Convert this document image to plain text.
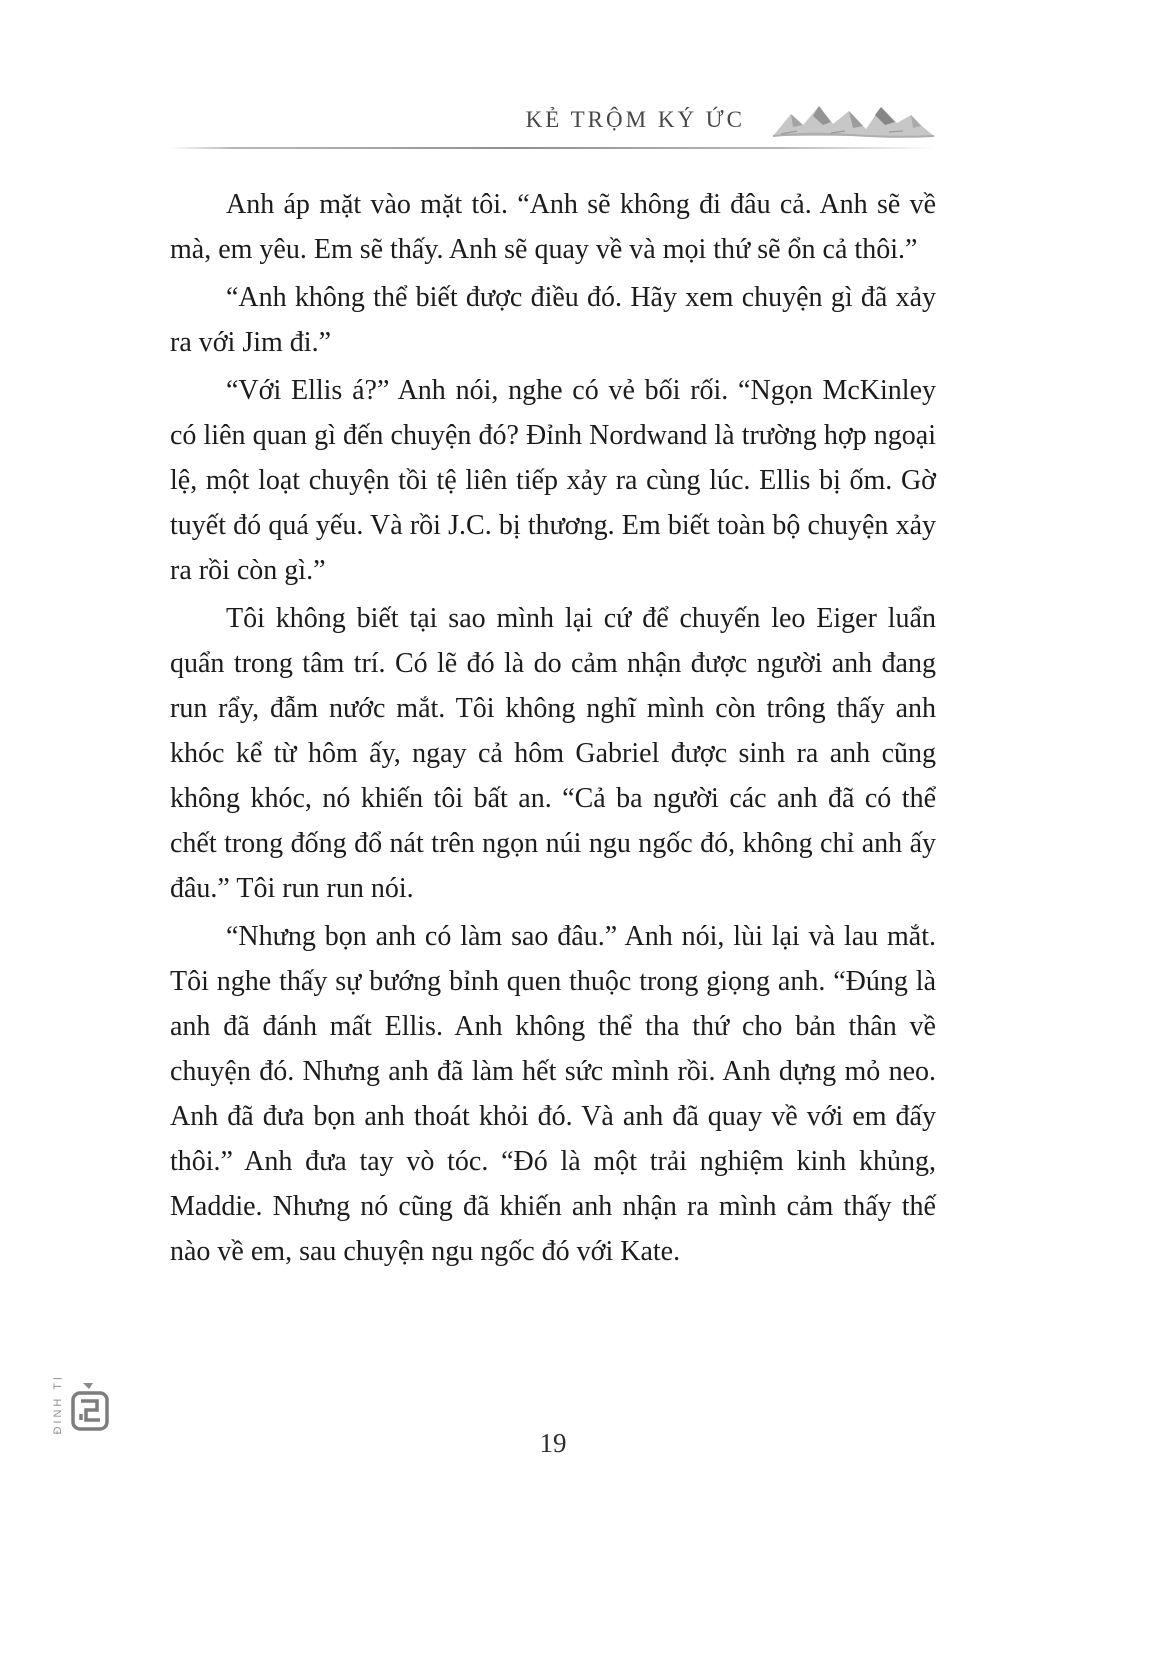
KẺ TRỘM KÝ ỨC

Anh áp mặt vào mặt tôi. “Anh sẽ không đi đâu cả. Anh sẽ về mà, em yêu. Em sẽ thấy. Anh sẽ quay về và mọi thứ sẽ ổn cả thôi.”

“Anh không thể biết được điều đó. Hãy xem chuyện gì đã xảy ra với Jim đi.”

“Với Ellis á?” Anh nói, nghe có vẻ bối rối. “Ngọn McKinley có liên quan gì đến chuyện đó? Đỉnh Nordwand là trường hợp ngoại lệ, một loạt chuyện tồi tệ liên tiếp xảy ra cùng lúc. Ellis bị ốm. Gờ tuyết đó quá yếu. Và rồi J.C. bị thương. Em biết toàn bộ chuyện xảy ra rồi còn gì.”

Tôi không biết tại sao mình lại cứ để chuyến leo Eiger luẩn quẩn trong tâm trí. Có lẽ đó là do cảm nhận được người anh đang run rẩy, đẫm nước mắt. Tôi không nghĩ mình còn trông thấy anh khóc kể từ hôm ấy, ngay cả hôm Gabriel được sinh ra anh cũng không khóc, nó khiến tôi bất an. “Cả ba người các anh đã có thể chết trong đống đổ nát trên ngọn núi ngu ngốc đó, không chỉ anh ấy đâu.” Tôi run run nói.

“Nhưng bọn anh có làm sao đâu.” Anh nói, lùi lại và lau mắt. Tôi nghe thấy sự bướng bỉnh quen thuộc trong giọng anh. “Đúng là anh đã đánh mất Ellis. Anh không thể tha thứ cho bản thân về chuyện đó. Nhưng anh đã làm hết sức mình rồi. Anh dựng mỏ neo. Anh đã đưa bọn anh thoát khỏi đó. Và anh đã quay về với em đấy thôi.” Anh đưa tay vò tóc. “Đó là một trải nghiệm kinh khủng, Maddie. Nhưng nó cũng đã khiến anh nhận ra mình cảm thấy thế nào về em, sau chuyện ngu ngốc đó với Kate.

ĐINH TỊ
19
